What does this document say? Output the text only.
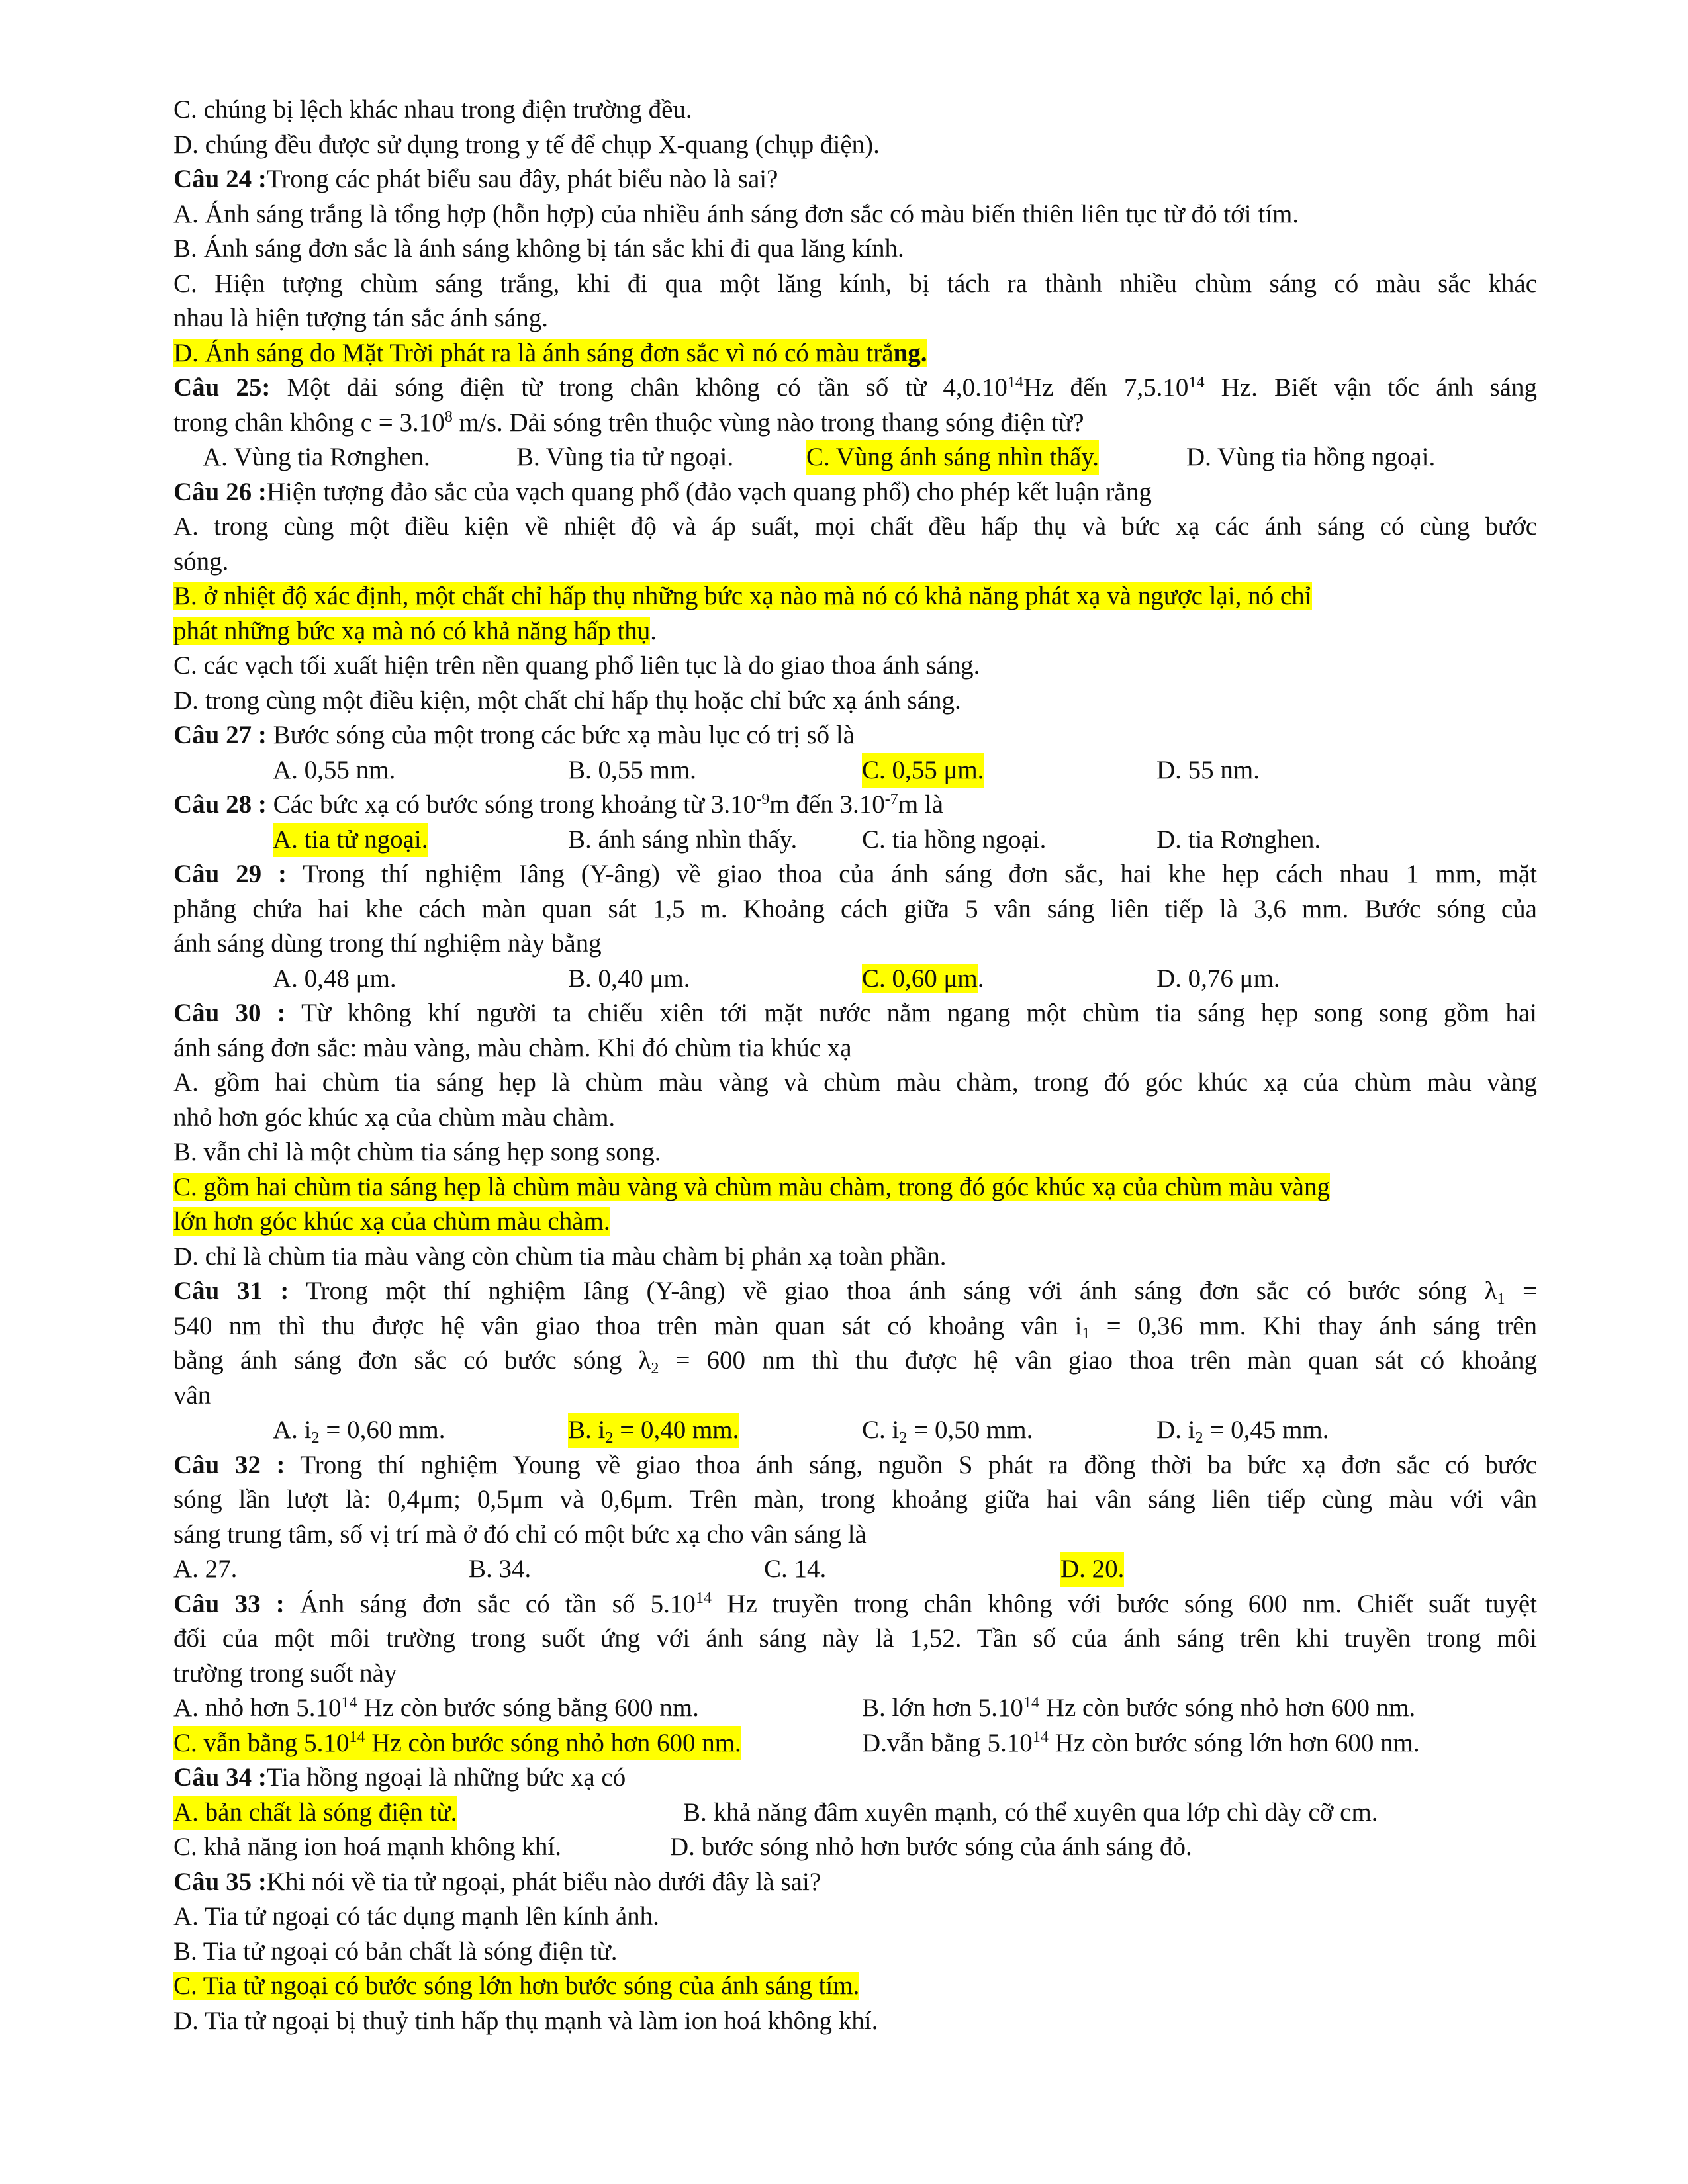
C. chúng bị lệch khác nhau trong điện trường đều.
D. chúng đều được sử dụng trong y tế để chụp X-quang (chụp điện).
Câu 24 :Trong các phát biểu sau đây, phát biểu nào là sai?
A. Ánh sáng trắng là tổng hợp (hỗn hợp) của nhiều ánh sáng đơn sắc có màu biến thiên liên tục từ đỏ tới tím.
B. Ánh sáng đơn sắc là ánh sáng không bị tán sắc khi đi qua lăng kính.
C. Hiện tượng chùm sáng trắng, khi đi qua một lăng kính, bị tách ra thành nhiều chùm sáng có màu sắc khác
nhau là hiện tượng tán sắc ánh sáng.
D. Ánh sáng do Mặt Trời phát ra là ánh sáng đơn sắc vì nó có màu trắng.
Câu 25: Một dải sóng điện từ trong chân không có tần số từ 4,0.10$^{14}$Hz đến 7,5.10$^{14}$ Hz. Biết vận tốc ánh sáng
trong chân không $c = 3.10^8$ m/s. Dải sóng trên thuộc vùng nào trong thang sóng điện từ?
A. Vùng tia Rơnghen.	B. Vùng tia tử ngoại.	C. Vùng ánh sáng nhìn thấy.	D. Vùng tia hồng ngoại.
Câu 26 :Hiện tượng đảo sắc của vạch quang phổ (đảo vạch quang phổ) cho phép kết luận rằng
A. trong cùng một điều kiện về nhiệt độ và áp suất, mọi chất đều hấp thụ và bức xạ các ánh sáng có cùng bước
sóng.
B. ở nhiệt độ xác định, một chất chỉ hấp thụ những bức xạ nào mà nó có khả năng phát xạ và ngược lại, nó chỉ
phát những bức xạ mà nó có khả năng hấp thụ.
C. các vạch tối xuất hiện trên nền quang phổ liên tục là do giao thoa ánh sáng.
D. trong cùng một điều kiện, một chất chỉ hấp thụ hoặc chỉ bức xạ ánh sáng.
Câu 27 : Bước sóng của một trong các bức xạ màu lục có trị số là
A. 0,55 nm.	B. 0,55 mm.	C. 0,55 μm.	D. 55 nm.
Câu 28 : Các bức xạ có bước sóng trong khoảng từ $3.10^{-9}m$ đến $3.10^{-7}m$ là
A. tia tử ngoại.	B. ánh sáng nhìn thấy.	C. tia hồng ngoại.	D. tia Rơnghen.
Câu 29 : Trong thí nghiệm Iâng (Y-âng) về giao thoa của ánh sáng đơn sắc, hai khe hẹp cách nhau 1 mm, mặt
phẳng chứa hai khe cách màn quan sát 1,5 m. Khoảng cách giữa 5 vân sáng liên tiếp là 3,6 mm. Bước sóng của
ánh sáng dùng trong thí nghiệm này bằng
A. 0,48 μm.	B. 0,40 μm.	C. 0,60 μm.	D. 0,76 μm.
Câu 30 : Từ không khí người ta chiếu xiên tới mặt nước nằm ngang một chùm tia sáng hẹp song song gồm hai
ánh sáng đơn sắc: màu vàng, màu chàm. Khi đó chùm tia khúc xạ
A. gồm hai chùm tia sáng hẹp là chùm màu vàng và chùm màu chàm, trong đó góc khúc xạ của chùm màu vàng
nhỏ hơn góc khúc xạ của chùm màu chàm.
B. vẫn chỉ là một chùm tia sáng hẹp song song.
C. gồm hai chùm tia sáng hẹp là chùm màu vàng và chùm màu chàm, trong đó góc khúc xạ của chùm màu vàng
lớn hơn góc khúc xạ của chùm màu chàm.
D. chỉ là chùm tia màu vàng còn chùm tia màu chàm bị phản xạ toàn phần.
Câu 31 : Trong một thí nghiệm Iâng (Y-âng) về giao thoa ánh sáng với ánh sáng đơn sắc có bước sóng $\lambda_1$ =
540 nm thì thu được hệ vân giao thoa trên màn quan sát có khoảng vân $i_1 = 0,36$ mm. Khi thay ánh sáng trên
bằng ánh sáng đơn sắc có bước sóng $\lambda_2 = 600$ nm thì thu được hệ vân giao thoa trên màn quan sát có khoảng
vân
A. $i_2 = 0,60$ mm.	B. $i_2 = 0,40$ mm.	C. $i_2 = 0,50$ mm.	D. $i_2 = 0,45$ mm.
Câu 32 : Trong thí nghiệm Young về giao thoa ánh sáng, nguồn S phát ra đồng thời ba bức xạ đơn sắc có bước
sóng lần lượt là: 0,4μm; 0,5μm và 0,6μm. Trên màn, trong khoảng giữa hai vân sáng liên tiếp cùng màu với vân
sáng trung tâm, số vị trí mà ở đó chỉ có một bức xạ cho vân sáng là
A. 27.	B. 34.	C. 14.	D. 20.
Câu 33 : Ánh sáng đơn sắc có tần số 5.10$^{14}$ Hz truyền trong chân không với bước sóng 600 nm. Chiết suất tuyệt
đối của một môi trường trong suốt ứng với ánh sáng này là 1,52. Tần số của ánh sáng trên khi truyền trong môi
trường trong suốt này
A. nhỏ hơn 5.10$^{14}$ Hz còn bước sóng bằng 600 nm.	B. lớn hơn 5.10$^{14}$ Hz còn bước sóng nhỏ hơn 600 nm.
C. vẫn bằng 5.10$^{14}$ Hz còn bước sóng nhỏ hơn 600 nm.	D.vẫn bằng 5.10$^{14}$ Hz còn bước sóng lớn hơn 600 nm.
Câu 34 :Tia hồng ngoại là những bức xạ có
A. bản chất là sóng điện từ.	B. khả năng đâm xuyên mạnh, có thể xuyên qua lớp chì dày cỡ cm.
C. khả năng ion hoá mạnh không khí.	D. bước sóng nhỏ hơn bước sóng của ánh sáng đỏ.
Câu 35 :Khi nói về tia tử ngoại, phát biểu nào dưới đây là sai?
A. Tia tử ngoại có tác dụng mạnh lên kính ảnh.
B. Tia tử ngoại có bản chất là sóng điện từ.
C. Tia tử ngoại có bước sóng lớn hơn bước sóng của ánh sáng tím.
D. Tia tử ngoại bị thuỷ tinh hấp thụ mạnh và làm ion hoá không khí.
